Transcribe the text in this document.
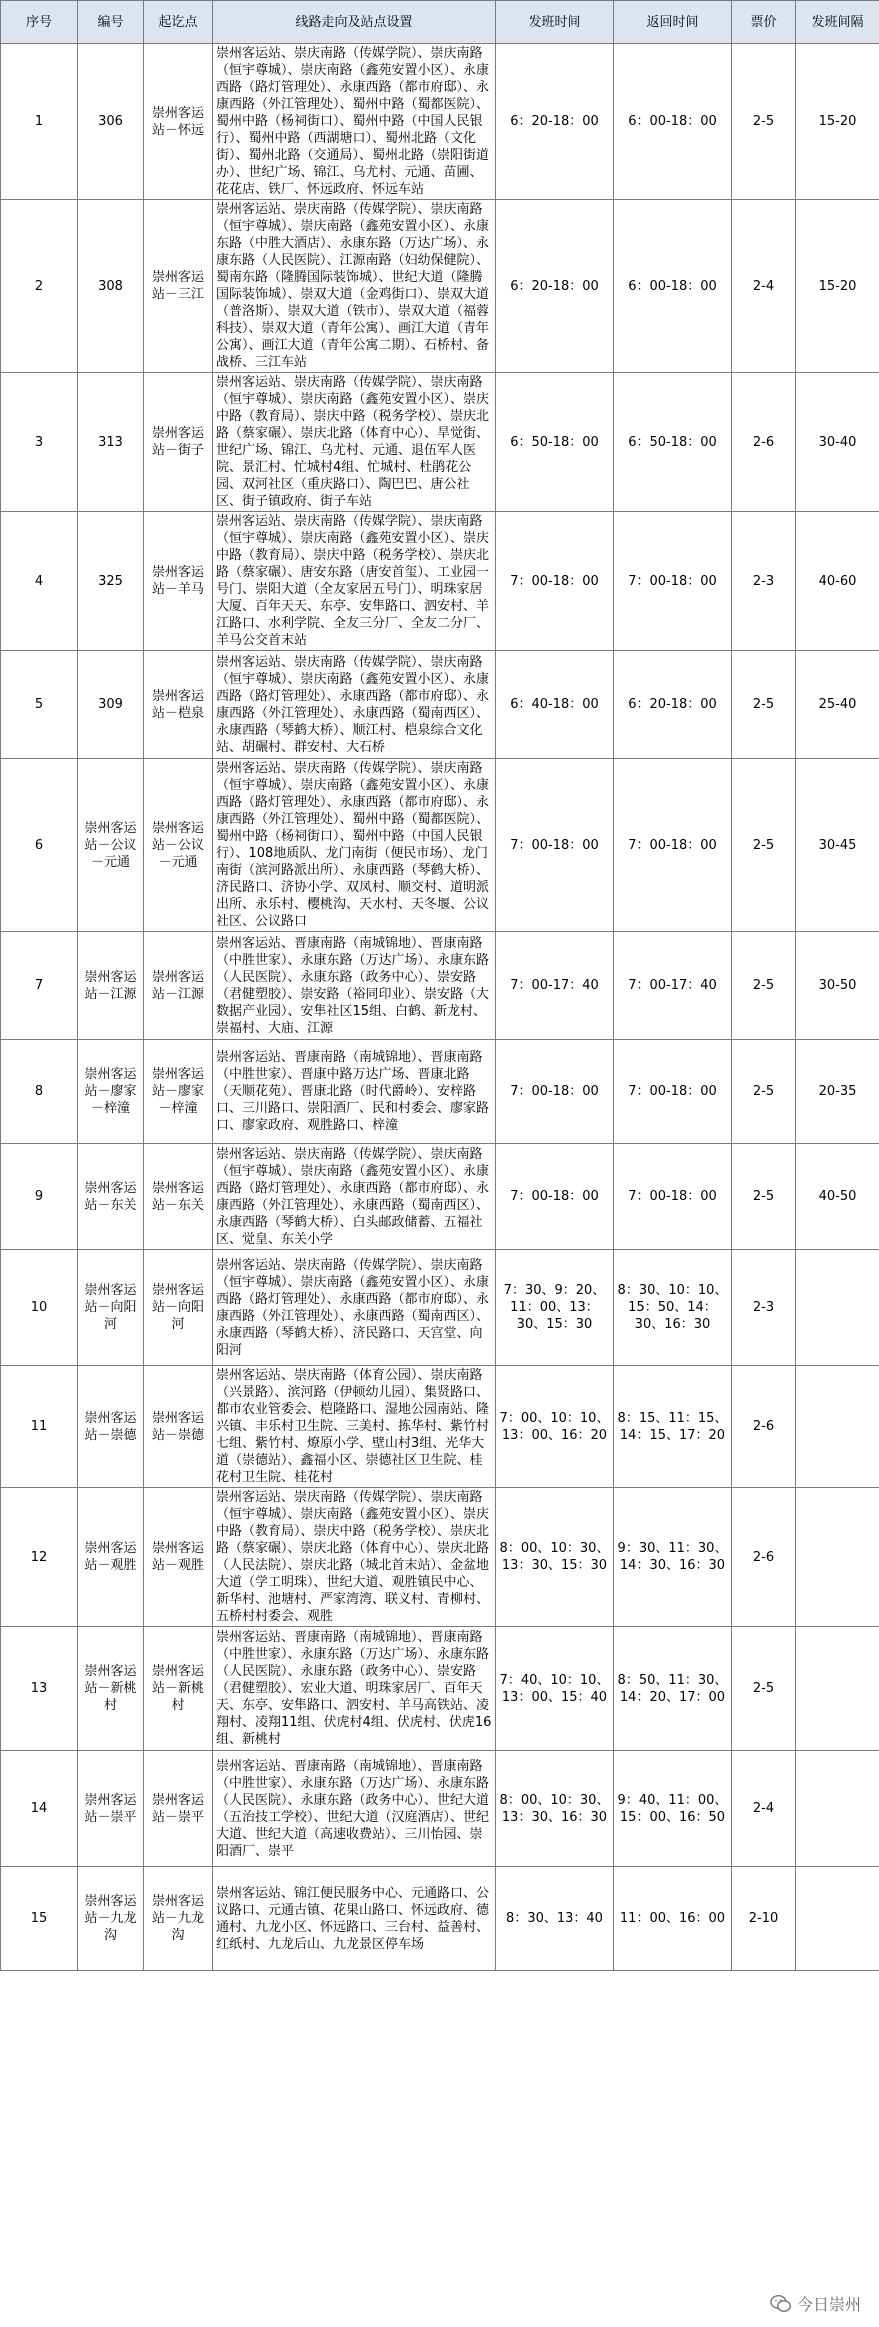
序号	编号	起讫点	线路走向及站点设置	发班时间	返回时间	票价	发班间隔
1	306	崇州客运站－怀远	崇州客运站、崇庆南路（传媒学院）、崇庆南路（恒宇尊城）、崇庆南路（鑫苑安置小区）、永康西路（路灯管理处）、永康西路（都市府邸）、永康西路（外江管理处）、蜀州中路（蜀都医院）、蜀州中路（杨祠街口）、蜀州中路（中国人民银行）、蜀州中路（西湖塘口）、蜀州北路（文化街）、蜀州北路（交通局）、蜀州北路（崇阳街道办）、世纪广场、锦江、乌尤村、元通、苗圃、花花店、铁厂、怀远政府、怀远车站	6：20-18：00	6：00-18：00	2-5	15-20
2	308	崇州客运站－三江	崇州客运站、崇庆南路（传媒学院）、崇庆南路（恒宇尊城）、崇庆南路（鑫苑安置小区）、永康东路（中胜大酒店）、永康东路（万达广场）、永康东路（人民医院）、江源南路（妇幼保健院）、蜀南东路（隆腾国际装饰城）、世纪大道（隆腾国际装饰城）、崇双大道（金鸡街口）、崇双大道（普洛斯）、崇双大道（铁市）、崇双大道（福蓉科技）、崇双大道（青年公寓）、画江大道（青年公寓）、画江大道（青年公寓二期）、石桥村、备战桥、三江车站	6：20-18：00	6：00-18：00	2-4	15-20
3	313	崇州客运站－街子	崇州客运站、崇庆南路（传媒学院）、崇庆南路（恒宇尊城）、崇庆南路（鑫苑安置小区）、崇庆中路（教育局）、崇庆中路（税务学校）、崇庆北路（蔡家碾）、崇庆北路（体育中心）、旱觉街、世纪广场、锦江、乌尤村、元通、退伍军人医院、景汇村、忙城村4组、忙城村、杜鹃花公园、双河社区（重庆路口）、陶巴巴、唐公社区、街子镇政府、街子车站	6：50-18：00	6：50-18：00	2-6	30-40
4	325	崇州客运站－羊马	崇州客运站、崇庆南路（传媒学院）、崇庆南路（恒宇尊城）、崇庆南路（鑫苑安置小区）、崇庆中路（教育局）、崇庆中路（税务学校）、崇庆北路（蔡家碾）、唐安东路（唐安首玺）、工业园一号门、崇阳大道（全友家居五号门）、明珠家居大厦、百年天天、东亭、安隼路口、泗安村、羊江路口、水利学院、全友三分厂、全友二分厂、羊马公交首末站	7：00-18：00	7：00-18：00	2-3	40-60
5	309	崇州客运站－桤泉	崇州客运站、崇庆南路（传媒学院）、崇庆南路（恒宇尊城）、崇庆南路（鑫苑安置小区）、永康西路（路灯管理处）、永康西路（都市府邸）、永康西路（外江管理处）、永康西路（蜀南西区）、永康西路（琴鹤大桥）、顺江村、桤泉综合文化站、胡碾村、群安村、大石桥	6：40-18：00	6：20-18：00	2-5	25-40
6	崇州客运站－公议－元通	崇州客运站－公议－元通	崇州客运站、崇庆南路（传媒学院）、崇庆南路（恒宇尊城）、崇庆南路（鑫苑安置小区）、永康西路（路灯管理处）、永康西路（都市府邸）、永康西路（外江管理处）、蜀州中路（蜀都医院）、蜀州中路（杨祠街口）、蜀州中路（中国人民银行）、108地质队、龙门南街（便民市场）、龙门南街（滨河路派出所）、永康西路（琴鹤大桥）、济民路口、济协小学、双凤村、顺交村、道明派出所、永乐村、樱桃沟、天水村、天冬堰、公议社区、公议路口	7：00-18：00	7：00-18：00	2-5	30-45
7	崇州客运站－江源	崇州客运站－江源	崇州客运站、晋康南路（南城锦地）、晋康南路（中胜世家）、永康东路（万达广场）、永康东路（人民医院）、永康东路（政务中心）、崇安路（君健塑胶）、崇安路（裕同印业）、崇安路（大数据产业园）、安隼社区15组、白鹤、新龙村、崇福村、大庙、江源	7：00-17：40	7：00-17：40	2-5	30-50
8	崇州客运站－廖家－梓潼	崇州客运站－廖家－梓潼	崇州客运站、晋康南路（南城锦地）、晋康南路（中胜世家）、晋康中路万达广场、晋康北路（天顺花苑）、晋康北路（时代爵岭）、安梓路口、三川路口、崇阳酒厂、民和村委会、廖家路口、廖家政府、观胜路口、梓潼	7：00-18：00	7：00-18：00	2-5	20-35
9	崇州客运站－东关	崇州客运站－东关	崇州客运站、崇庆南路（传媒学院）、崇庆南路（恒宇尊城）、崇庆南路（鑫苑安置小区）、永康西路（路灯管理处）、永康西路（都市府邸）、永康西路（外江管理处）、永康西路（蜀南西区）、永康西路（琴鹤大桥）、白头邮政储蓄、五福社区、觉皇、东关小学	7：00-18：00	7：00-18：00	2-5	40-50
10	崇州客运站－向阳河	崇州客运站－向阳河	崇州客运站、崇庆南路（传媒学院）、崇庆南路（恒宇尊城）、崇庆南路（鑫苑安置小区）、永康西路（路灯管理处）、永康西路（都市府邸）、永康西路（外江管理处）、永康西路（蜀南西区）、永康西路（琴鹤大桥）、济民路口、天宫堂、向阳河	7：30、9：20、11：00、13：30、15：30	8：30、10：10、15：50、14：30、16：30	2-3	
11	崇州客运站－崇德	崇州客运站－崇德	崇州客运站、崇庆南路（体育公园）、崇庆南路（兴景路）、滨河路（伊顿幼儿园）、集贤路口、都市农业管委会、桤隆路口、湿地公园南站、隆兴镇、丰乐村卫生院、三美村、拣华村、紫竹村七组、紫竹村、燎原小学、壁山村3组、光华大道（崇德站）、鑫福小区、崇德社区卫生院、桂花村卫生院、桂花村	7：00、10：10、13：00、16：20	8：15、11：15、14：15、17：20	2-6	
12	崇州客运站－观胜	崇州客运站－观胜	崇州客运站、崇庆南路（传媒学院）、崇庆南路（恒宇尊城）、崇庆南路（鑫苑安置小区）、崇庆中路（教育局）、崇庆中路（税务学校）、崇庆北路（蔡家碾）、崇庆北路（体育中心）、崇庆北路（人民法院）、崇庆北路（城北首末站）、金盆地大道（学工明珠）、世纪大道、观胜镇民中心、新华村、池塘村、严家湾湾、联义村、青柳村、五桥村村委会、观胜	8：00、10：30、13：30、15：30	9：30、11：30、14：30、16：30	2-6	
13	崇州客运站－新桃村	崇州客运站－新桃村	崇州客运站、晋康南路（南城锦地）、晋康南路（中胜世家）、永康东路（万达广场）、永康东路（人民医院）、永康东路（政务中心）、崇安路（君健塑胶）、宏业大道、明珠家居厂、百年天天、东亭、安隼路口、泗安村、羊马高铁站、凌翔村、凌翔11组、伏虎村4组、伏虎村、伏虎16组、新桃村	7：40、10：10、13：00、15：40	8：50、11：30、14：20、17：00	2-5	
14	崇州客运站－崇平	崇州客运站－崇平	崇州客运站、晋康南路（南城锦地）、晋康南路（中胜世家）、永康东路（万达广场）、永康东路（人民医院）、永康东路（政务中心）、世纪大道（五治技工学校）、世纪大道（汉庭酒店）、世纪大道、世纪大道（高速收费站）、三川怡园、崇阳酒厂、崇平	8：00、10：30、13：30、16：30	9：40、11：00、15：00、16：50	2-4	
15	崇州客运站－九龙沟	崇州客运站－九龙沟	崇州客运站、锦江便民服务中心、元通路口、公议路口、元通古镇、花果山路口、怀远政府、德通村、九龙小区、怀远路口、三台村、益善村、红纸村、九龙后山、九龙景区停车场	8：30、13：40	11：00、16：00	2-10	
今日崇州
